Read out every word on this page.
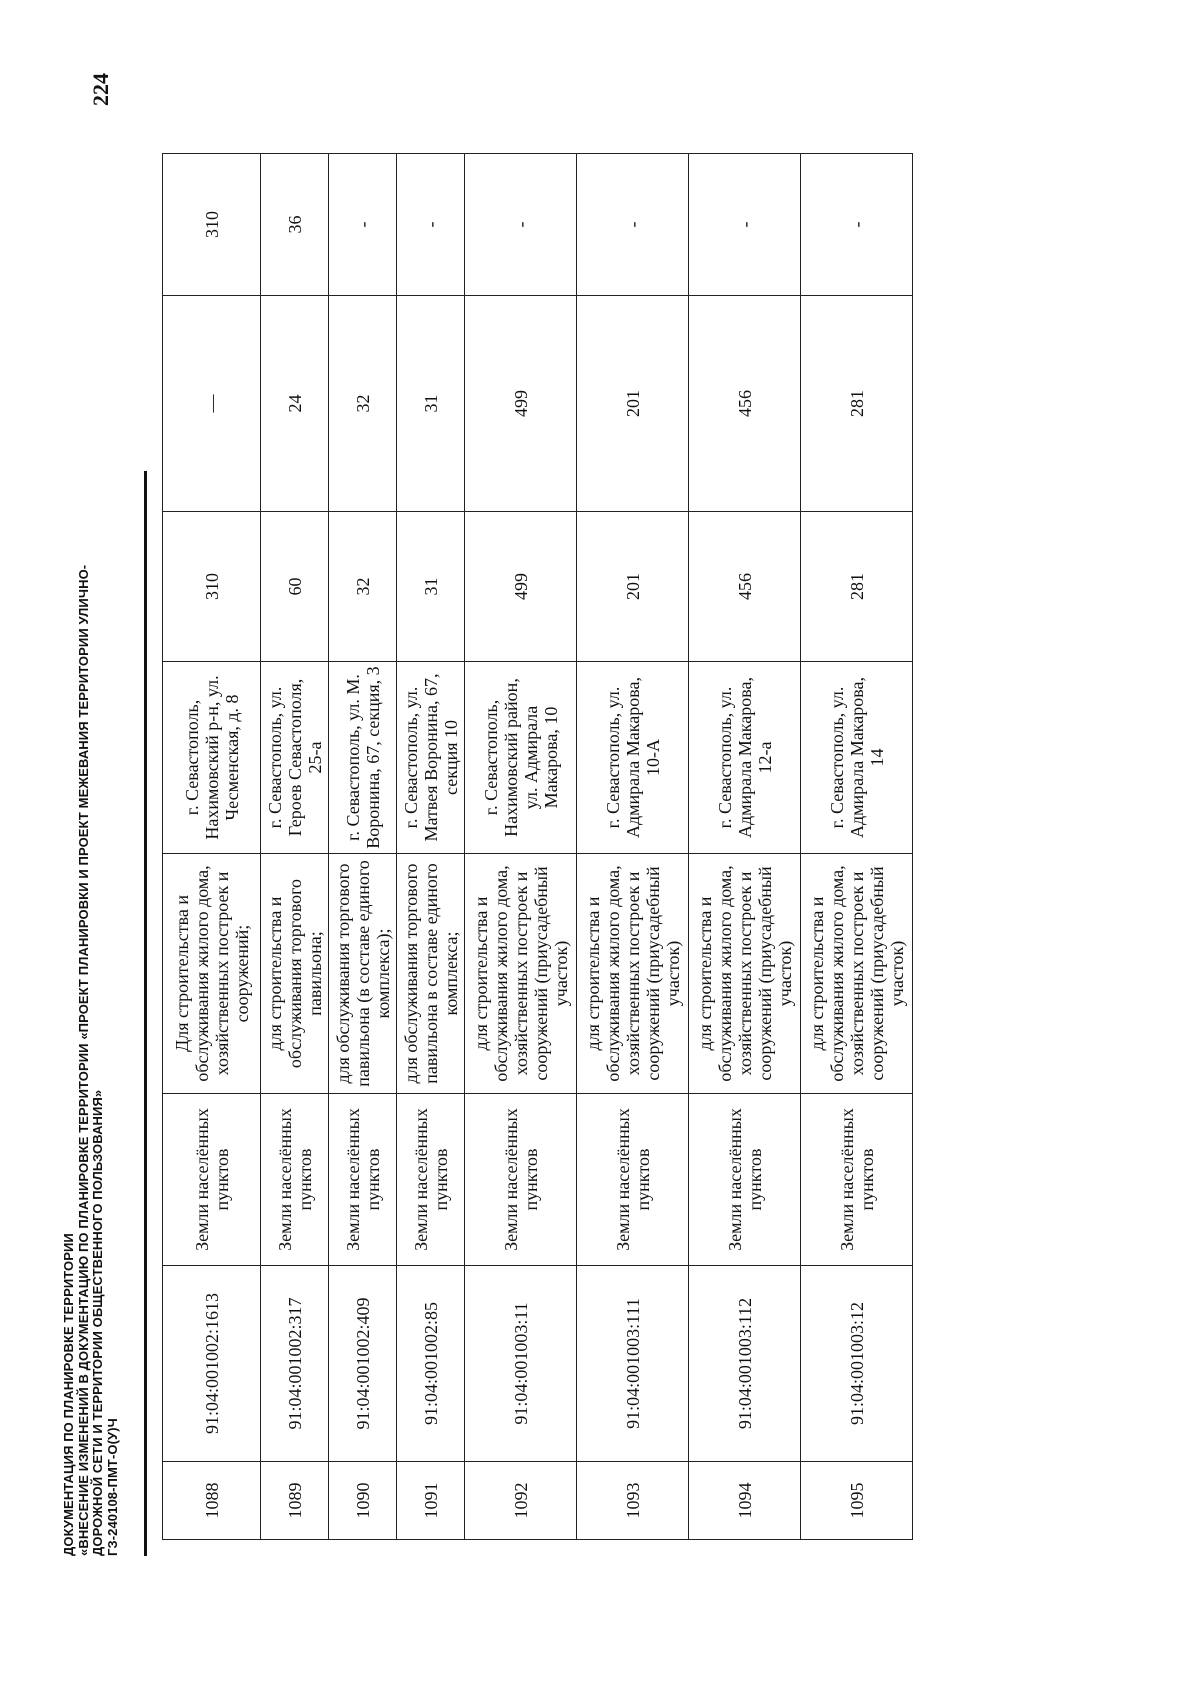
ДОКУМЕНТАЦИЯ ПО ПЛАНИРОВКЕ ТЕРРИТОРИИ «ВНЕСЕНИЕ ИЗМЕНЕНИЙ В ДОКУМЕНТАЦИЮ ПО ПЛАНИРОВКЕ ТЕРРИТОРИИ «ПРОЕКТ ПЛАНИРОВКИ И ПРОЕКТ МЕЖЕВАНИЯ ТЕРРИТОРИИ УЛИЧНО- ДОРОЖНОЙ СЕТИ И ТЕРРИТОРИИ ОБЩЕСТВЕННОГО ПОЛЬЗОВАНИЯ» ГЗ-240108-ПМТ-О(У)Ч
224
1088	91:04:001002:1613	Земли населённых пунктов	Для строительства и обслуживания жилого дома, хозяйственных построек и сооружений;	г. Севастополь, Нахимовский р-н, ул. Чесменская, д. 8	310	—	310
1089	91:04:001002:317	Земли населённых пунктов	для строительства и обслуживания торгового павильона;	г. Севастополь, ул. Героев Севастополя, 25-а	60	24	36
1090	91:04:001002:409	Земли населённых пунктов	для обслуживания торгового павильона (в составе единого комплекса);	г. Севастополь, ул. М. Воронина, 67, секция, 3	32	32	-
1091	91:04:001002:85	Земли населённых пунктов	для обслуживания торгового павильона в составе единого комплекса;	г. Севастополь, ул. Матвея Воронина, 67, секция 10	31	31	-
1092	91:04:001003:11	Земли населённых пунктов	для строительства и обслуживания жилого дома, хозяйственных построек и сооружений (приусадебный участок)	г. Севастополь, Нахимовский район, ул. Адмирала Макарова, 10	499	499	-
1093	91:04:001003:111	Земли населённых пунктов	для строительства и обслуживания жилого дома, хозяйственных построек и сооружений (приусадебный участок)	г. Севастополь, ул. Адмирала Макарова, 10-А	201	201	-
1094	91:04:001003:112	Земли населённых пунктов	для строительства и обслуживания жилого дома, хозяйственных построек и сооружений (приусадебный участок)	г. Севастополь, ул. Адмирала Макарова, 12-а	456	456	-
1095	91:04:001003:12	Земли населённых пунктов	для строительства и обслуживания жилого дома, хозяйственных построек и сооружений (приусадебный участок)	г. Севастополь, ул. Адмирала Макарова, 14	281	281	-
